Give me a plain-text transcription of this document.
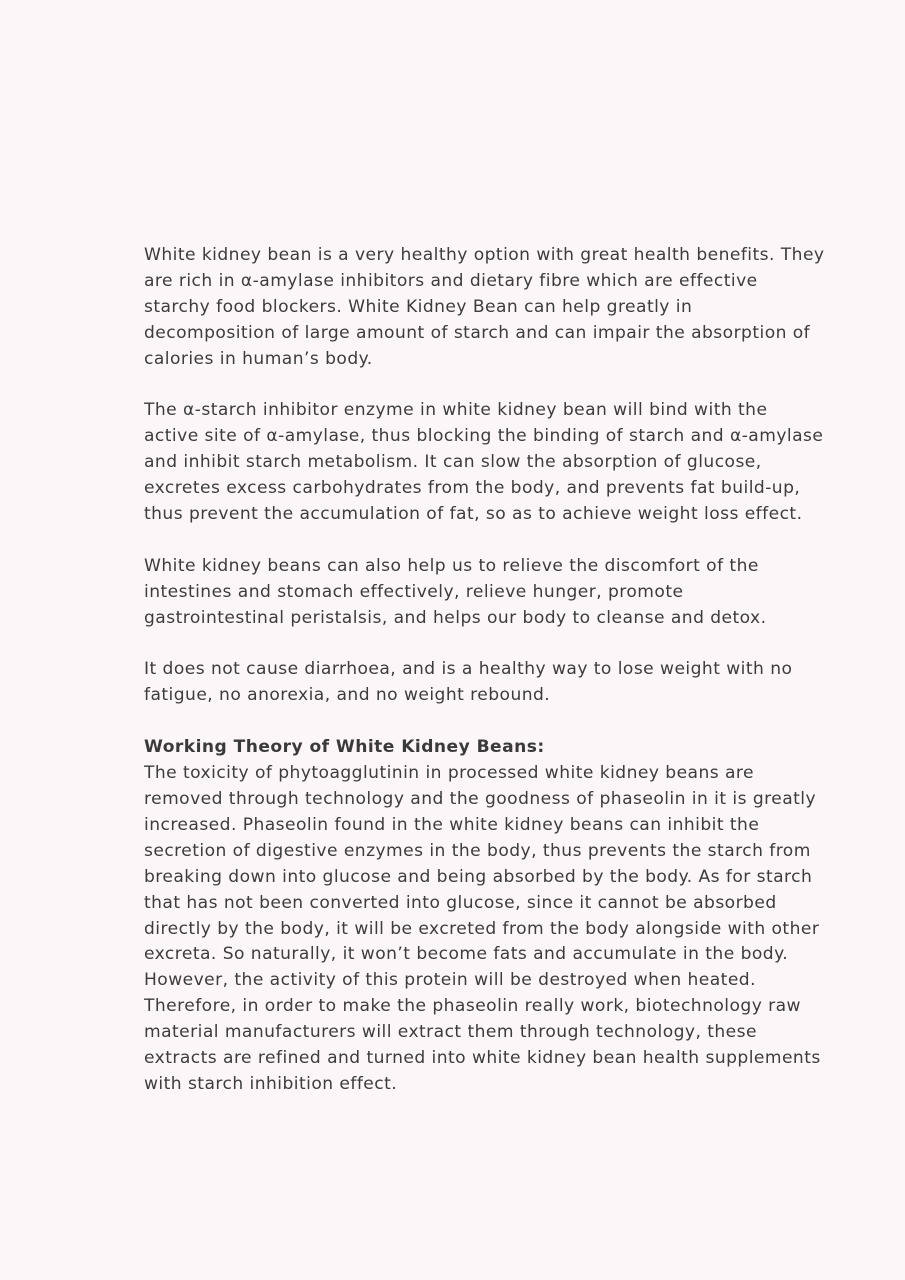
White kidney bean is a very healthy option with great health benefits. They
are rich in α-amylase inhibitors and dietary fibre which are effective
starchy food blockers. White Kidney Bean can help greatly in
decomposition of large amount of starch and can impair the absorption of
calories in human’s body.
The α-starch inhibitor enzyme in white kidney bean will bind with the
active site of α-amylase, thus blocking the binding of starch and α-amylase
and inhibit starch metabolism. It can slow the absorption of glucose,
excretes excess carbohydrates from the body, and prevents fat build-up,
thus prevent the accumulation of fat, so as to achieve weight loss effect.
White kidney beans can also help us to relieve the discomfort of the
intestines and stomach effectively, relieve hunger, promote
gastrointestinal peristalsis, and helps our body to cleanse and detox.
It does not cause diarrhoea, and is a healthy way to lose weight with no
fatigue, no anorexia, and no weight rebound.
Working Theory of White Kidney Beans:
The toxicity of phytoagglutinin in processed white kidney beans are
removed through technology and the goodness of phaseolin in it is greatly
increased. Phaseolin found in the white kidney beans can inhibit the
secretion of digestive enzymes in the body, thus prevents the starch from
breaking down into glucose and being absorbed by the body. As for starch
that has not been converted into glucose, since it cannot be absorbed
directly by the body, it will be excreted from the body alongside with other
excreta. So naturally, it won’t become fats and accumulate in the body.
However, the activity of this protein will be destroyed when heated.
Therefore, in order to make the phaseolin really work, biotechnology raw
material manufacturers will extract them through technology, these
extracts are refined and turned into white kidney bean health supplements
with starch inhibition effect.
